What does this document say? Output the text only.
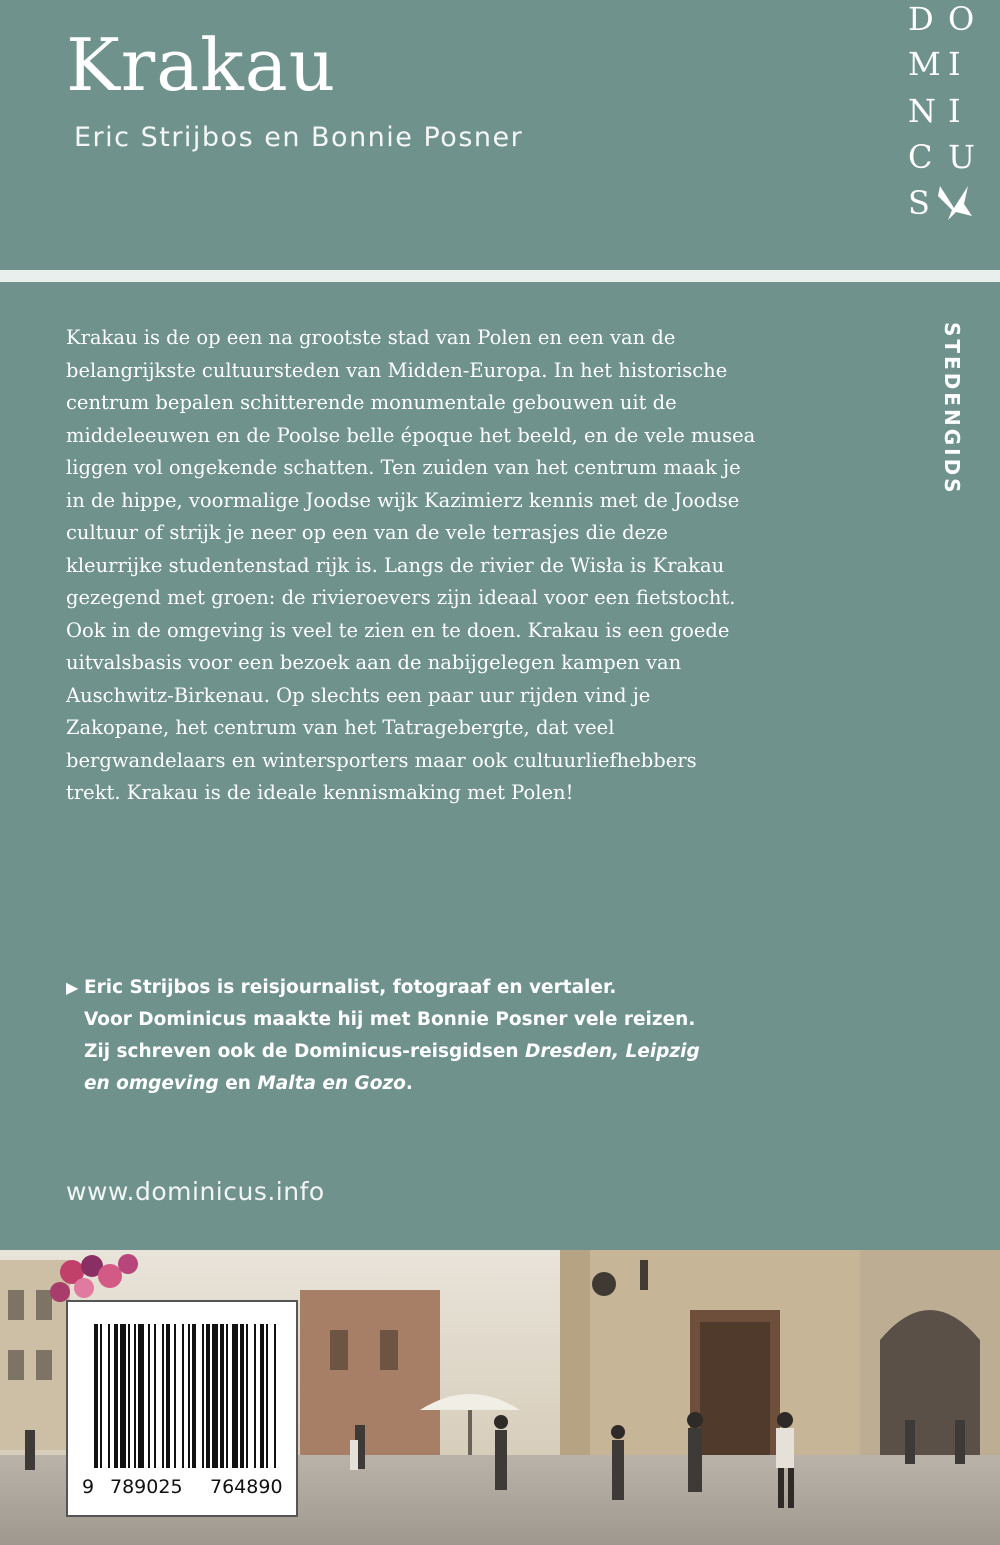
Krakau

Eric Strijbos en Bonnie Posner

D O
M I
N I
C U
S
STEDENGIDS
Krakau is de op een na grootste stad van Polen en een van de belangrijkste cultuursteden van Midden-Europa. In het historische centrum bepalen schitterende monumentale gebouwen uit de middeleeuwen en de Poolse belle époque het beeld, en de vele musea liggen vol ongekende schatten. Ten zuiden van het centrum maak je in de hippe, voormalige Joodse wijk Kazimierz kennis met de Joodse cultuur of strijk je neer op een van de vele terrasjes die deze kleurrijke studentenstad rijk is. Langs de rivier de Wisła is Krakau gezegend met groen: de rivieroevers zijn ideaal voor een fietstocht.
Ook in de omgeving is veel te zien en te doen. Krakau is een goede uitvalsbasis voor een bezoek aan de nabijgelegen kampen van Auschwitz-Birkenau. Op slechts een paar uur rijden vind je Zakopane, het centrum van het Tatragebergte, dat veel bergwandelaars en wintersporters maar ook cultuurliefhebbers trekt. Krakau is de ideale kennismaking met Polen!
▶ Eric Strijbos is reisjournalist, fotograaf en vertaler.
Voor Dominicus maakte hij met Bonnie Posner vele reizen.
Zij schreven ook de Dominicus-reisgidsen Dresden, Leipzig
en omgeving en Malta en Gozo.

www.dominicus.info

9 789025 764890
